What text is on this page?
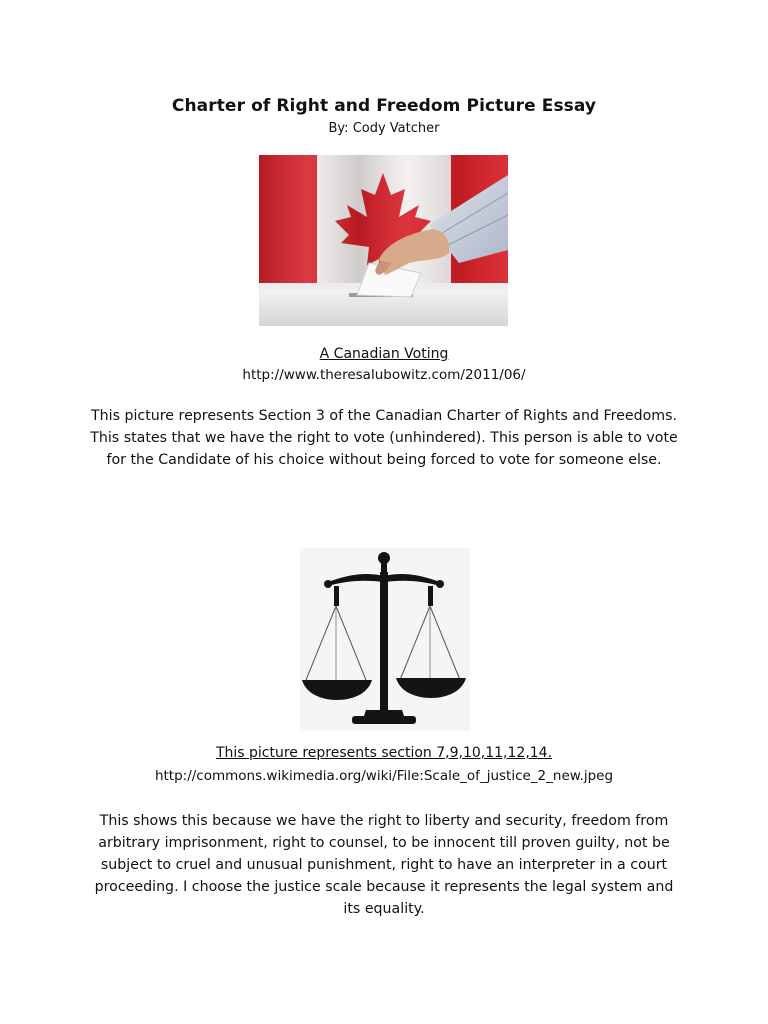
Charter of Right and Freedom Picture Essay
By: Cody Vatcher
A Canadian Voting
http://www.theresalubowitz.com/2011/06/
This picture represents Section 3 of the Canadian Charter of Rights and Freedoms. This states that we have the right to vote (unhindered). This person is able to vote for the Candidate of his choice without being forced to vote for someone else.
This picture represents section 7,9,10,11,12,14.
http://commons.wikimedia.org/wiki/File:Scale_of_justice_2_new.jpeg
This shows this because we have the right to liberty and security, freedom from arbitrary imprisonment, right to counsel, to be innocent till proven guilty, not be subject to cruel and unusual punishment, right to have an interpreter in a court proceeding. I choose the justice scale because it represents the legal system and its equality.
